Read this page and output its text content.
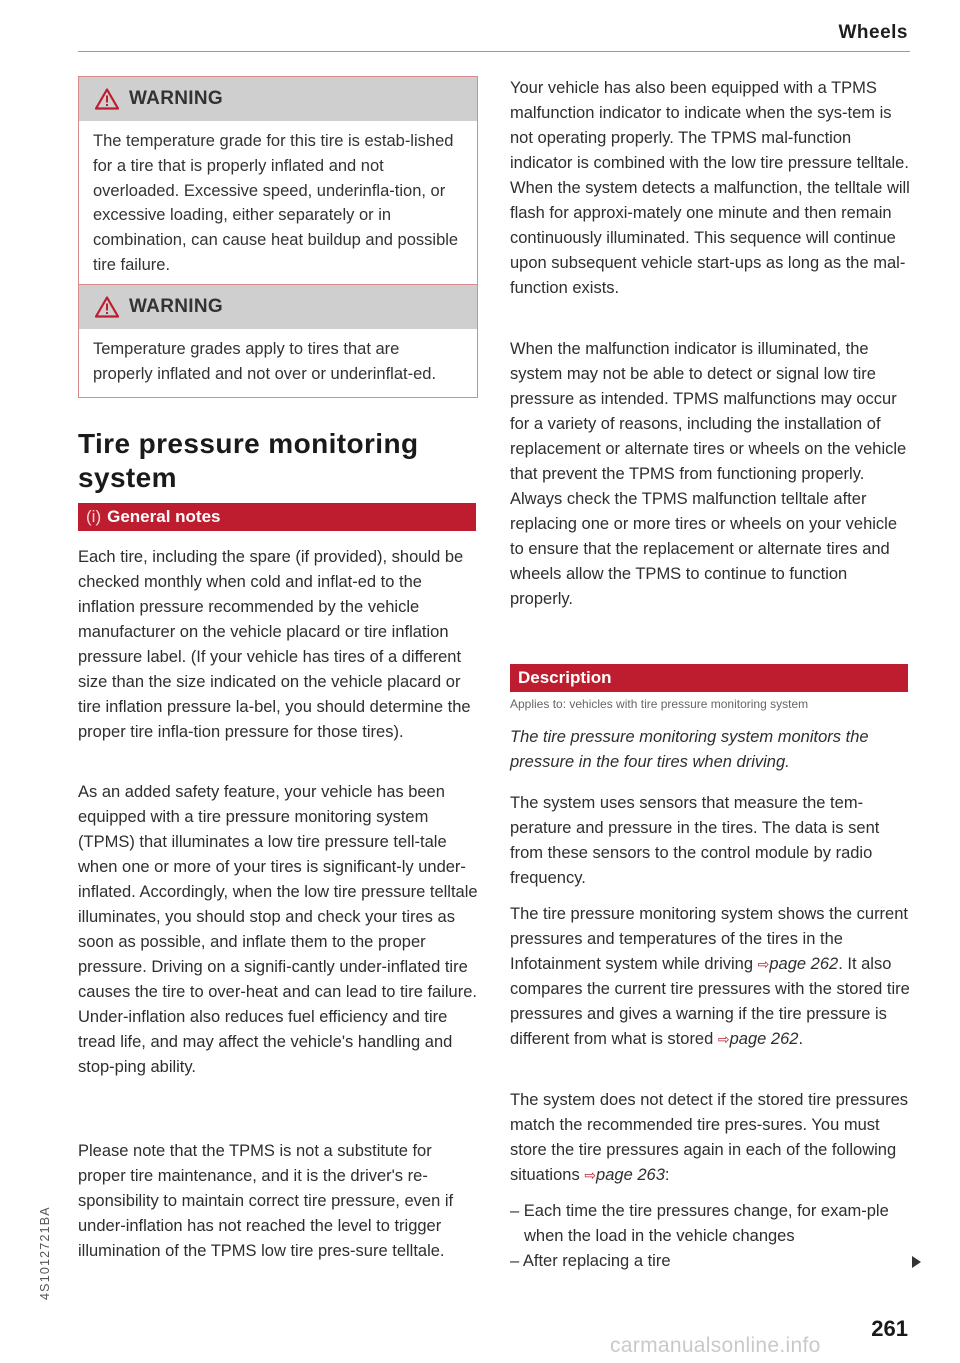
Wheels
4S1012721BA
WARNING
The temperature grade for this tire is estab-lished for a tire that is properly inflated and not overloaded. Excessive speed, underinfla-tion, or excessive loading, either separately or in combination, can cause heat buildup and possible tire failure.
WARNING
Temperature grades apply to tires that are properly inflated and not over or underinflat-ed.
Tire pressure monitoring system
(i) General notes
Each tire, including the spare (if provided), should be checked monthly when cold and inflat-ed to the inflation pressure recommended by the vehicle manufacturer on the vehicle placard or tire inflation pressure label. (If your vehicle has tires of a different size than the size indicated on the vehicle placard or tire inflation pressure la-bel, you should determine the proper tire infla-tion pressure for those tires).
As an added safety feature, your vehicle has been equipped with a tire pressure monitoring system (TPMS) that illuminates a low tire pressure tell-tale when one or more of your tires is significant-ly under-inflated. Accordingly, when the low tire pressure telltale illuminates, you should stop and check your tires as soon as possible, and inflate them to the proper pressure. Driving on a signifi-cantly under-inflated tire causes the tire to over-heat and can lead to tire failure. Under-inflation also reduces fuel efficiency and tire tread life, and may affect the vehicle's handling and stop-ping ability.
Please note that the TPMS is not a substitute for proper tire maintenance, and it is the driver's re-sponsibility to maintain correct tire pressure, even if under-inflation has not reached the level to trigger illumination of the TPMS low tire pres-sure telltale.
Your vehicle has also been equipped with a TPMS malfunction indicator to indicate when the sys-tem is not operating properly. The TPMS mal-function indicator is combined with the low tire pressure telltale. When the system detects a malfunction, the telltale will flash for approxi-mately one minute and then remain continuously illuminated. This sequence will continue upon subsequent vehicle start-ups as long as the mal-function exists.
When the malfunction indicator is illuminated, the system may not be able to detect or signal low tire pressure as intended. TPMS malfunctions may occur for a variety of reasons, including the installation of replacement or alternate tires or wheels on the vehicle that prevent the TPMS from functioning properly. Always check the TPMS malfunction telltale after replacing one or more tires or wheels on your vehicle to ensure that the replacement or alternate tires and wheels allow the TPMS to continue to function properly.
Description
Applies to: vehicles with tire pressure monitoring system
The tire pressure monitoring system monitors the pressure in the four tires when driving.
The system uses sensors that measure the tem-perature and pressure in the tires. The data is sent from these sensors to the control module by radio frequency.
The tire pressure monitoring system shows the current pressures and temperatures of the tires in the Infotainment system while driving ⇨page 262. It also compares the current tire pressures with the stored tire pressures and gives a warning if the tire pressure is different from what is stored ⇨page 262.
The system does not detect if the stored tire pressures match the recommended tire pres-sures. You must store the tire pressures again in each of the following situations ⇨page 263:
– Each time the tire pressures change, for exam-ple when the load in the vehicle changes
– After replacing a tire
261
carmanualsonline.info
